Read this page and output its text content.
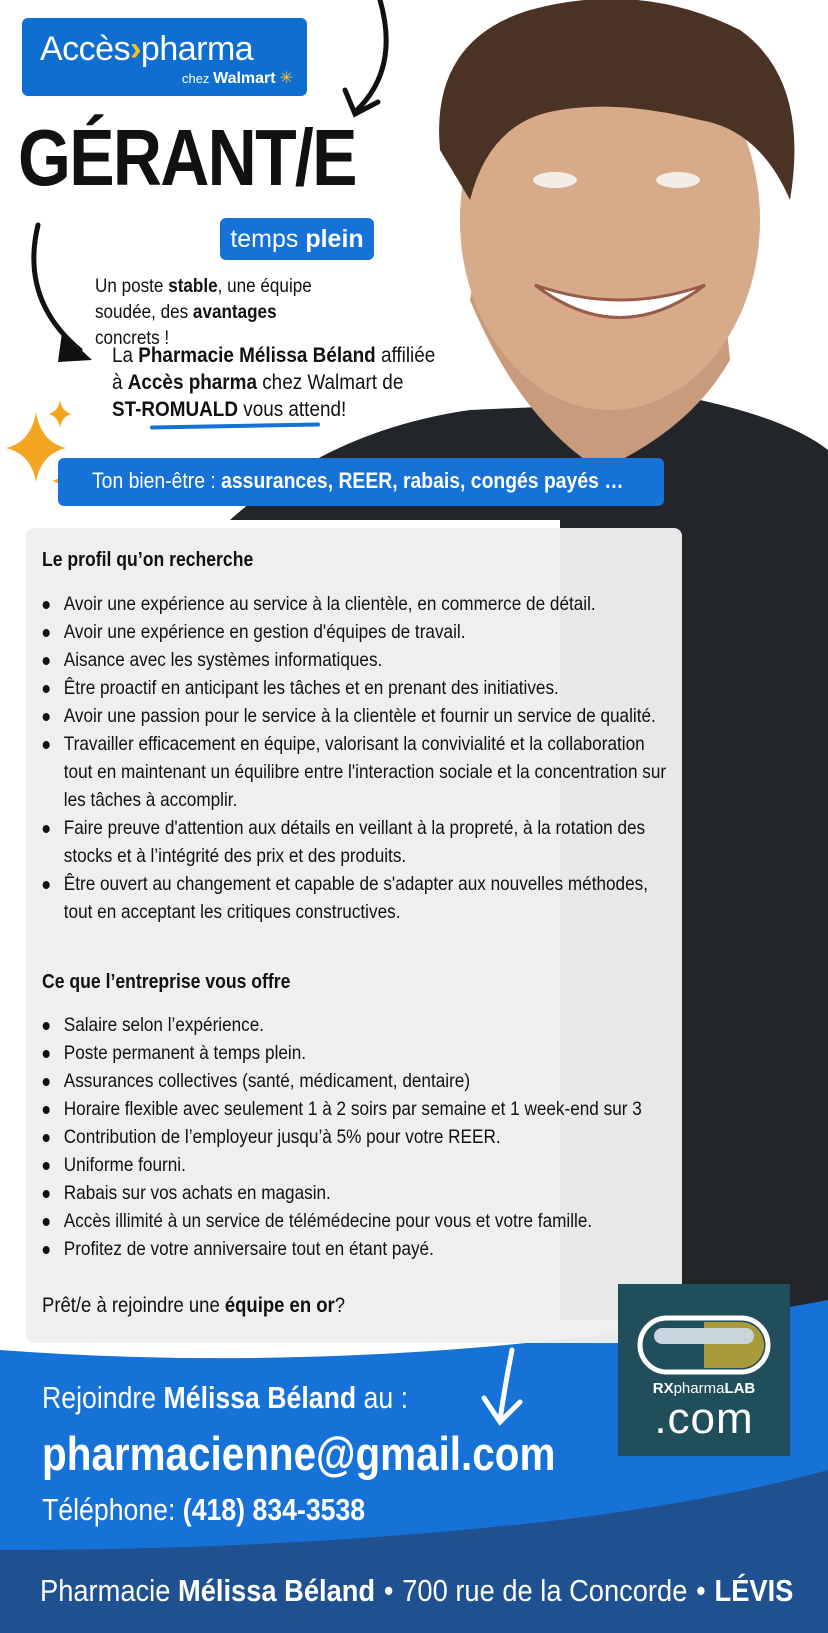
Accès›pharma
chez Walmart ✳
GÉRANT/E
temps plein
Un poste stable, une équipe soudée, des avantages concrets !
La Pharmacie Mélissa Béland affiliée à Accès pharma chez Walmart de ST-ROMUALD vous attend!
Ton bien-être : assurances, REER, rabais, congés payés …
Le profil qu’on recherche
Avoir une expérience au service à la clientèle, en commerce de détail.
Avoir une expérience en gestion d'équipes de travail.
Aisance avec les systèmes informatiques.
Être proactif en anticipant les tâches et en prenant des initiatives.
Avoir une passion pour le service à la clientèle et fournir un service de qualité.
Travailler efficacement en équipe, valorisant la convivialité et la collaboration tout en maintenant un équilibre entre l'interaction sociale et la concentration sur les tâches à accomplir.
Faire preuve d'attention aux détails en veillant à la propreté, à la rotation des stocks et à l’intégrité des prix et des produits.
Être ouvert au changement et capable de s'adapter aux nouvelles méthodes, tout en acceptant les critiques constructives.
Ce que l’entreprise vous offre
Salaire selon l’expérience.
Poste permanent à temps plein.
Assurances collectives (santé, médicament, dentaire)
Horaire flexible avec seulement 1 à 2 soirs par semaine et 1 week-end sur 3
Contribution de l’employeur jusqu’à 5% pour votre REER.
Uniforme fourni.
Rabais sur vos achats en magasin.
Accès illimité à un service de télémédecine pour vous et votre famille.
Profitez de votre anniversaire tout en étant payé.
Prêt/e à rejoindre une équipe en or?
Rejoindre Mélissa Béland au :
pharmacienne@gmail.com
Téléphone: (418) 834-3538
RXpharmaLAB
.com
Pharmacie Mélissa Béland • 700 rue de la Concorde • LÉVIS
